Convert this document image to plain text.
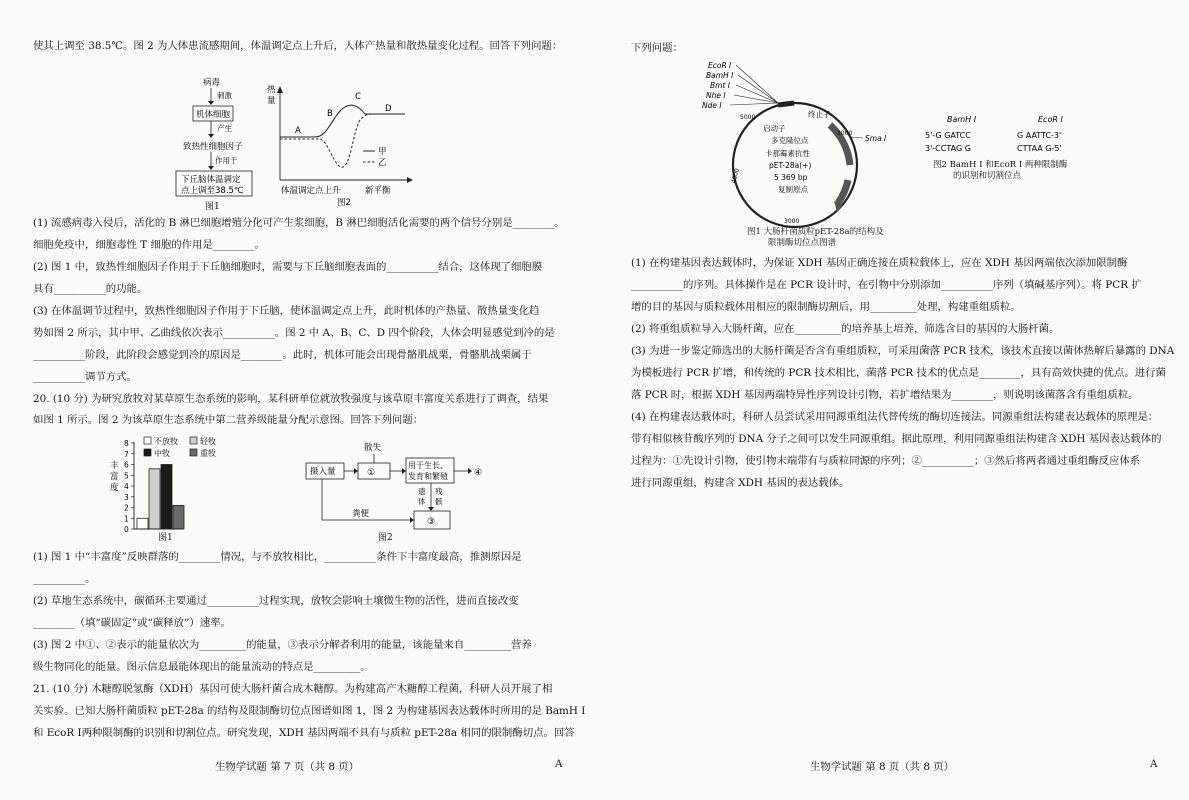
使其上调至 38.5℃。图 2 为人体患流感期间，体温调定点上升后，人体产热量和散热量变化过程。回答下列问题：
病毒
刺激
机体细胞
产生
致热性细胞因子
作用于
下丘脑体温调定
点上调至38.5℃
图1
热
量
A
B
C
D
甲
乙
体温调定点上升	新平衡
图2
(1) 流感病毒入侵后，活化的 B 淋巴细胞增殖分化可产生浆细胞，B 淋巴细胞活化需要的两个信号分别是________。
细胞免疫中，细胞毒性 T 细胞的作用是________。
(2) 图 1 中，致热性细胞因子作用于下丘脑细胞时，需要与下丘脑细胞表面的__________结合，这体现了细胞膜
具有__________的功能。
(3) 在体温调节过程中，致热性细胞因子作用于下丘脑，使体温调定点上升，此时机体的产热量、散热量变化趋
势如图 2 所示，其中甲、乙曲线依次表示__________。图 2 中 A、B、C、D 四个阶段，人体会明显感觉到冷的是
__________阶段，此阶段会感觉到冷的原因是________。此时，机体可能会出现骨骼肌战栗，骨骼肌战栗属于
__________调节方式。
20. (10 分) 为研究放牧对某草原生态系统的影响，某科研单位就放牧强度与该草原丰富度关系进行了调查，结果
如图 1 所示。图 2 为该草原生态系统中第二营养级能量分配示意图。回答下列问题：
丰
富
度
0
1
2
3
4
5
6
7
8	不放牧	轻牧
中牧	重牧
图1
摄入量	①
散失
用于生长、
发育和繁殖	④
遗
体
残
骸
③
粪便
图2
(1) 图 1 中“丰富度”反映群落的________情况，与不放牧相比，__________条件下丰富度最高，推测原因是
__________。
(2) 草地生态系统中，碳循环主要通过__________过程实现，放牧会影响土壤微生物的活性，进而直接改变
________（填“碳固定”或“碳释放”）速率。
(3) 图 2 中①、②表示的能量依次为_________的能量，③表示分解者利用的能量，该能量来自_________营养
级生物同化的能量。图示信息最能体现出的能量流动的特点是_________。
21. (10 分) 木糖醇脱氢酶（XDH）基因可使大肠杆菌合成木糖醇。为构建高产木糖醇工程菌，科研人员开展了相
关实验。已知大肠杆菌质粒 pET-28a 的结构及限制酶切位点图谱如图 1，图 2 为构建基因表达载体时所用的是 BamH I
和 EcoR I两种限制酶的识别和切割位点。研究发现，XDH 基因两端不具有与质粒 pET-28a 相同的限制酶切点。回答
生物学试题 第 7 页（共 8 页）	A
下列问题：
EcoR I
BamH I
Bmt I
Nhe I
Nde I
终止子
启动子
多克隆位点
卡那霉素抗性
pET-28a(+)
5 369 bp
复制原点
Sma I
5000
1000
4000
3000
图1 大肠杆菌质粒pET-28a的结构及
限制酶切位点图谱
BamH I
5'-G GATCC
3'-CCTAG G
EcoR I
G AATTC-3'
CTTAA G-5'
图2 BamH I 和EcoR I 两种限制酶
的识别和切割位点
(1) 在构建基因表达载体时，为保证 XDH 基因正确连接在质粒载体上，应在 XDH 基因两端依次添加限制酶
__________的序列。具体操作是在 PCR 设计时，在引物中分别添加__________序列（填碱基序列）。将 PCR 扩
增的目的基因与质粒载体用相应的限制酶切割后，用_________处理，构建重组质粒。
(2) 将重组质粒导入大肠杆菌，应在_________的培养基上培养，筛选含目的基因的大肠杆菌。
(3) 为进一步鉴定筛选出的大肠杆菌是否含有重组质粒，可采用菌落 PCR 技术，该技术直接以菌体热解后暴露的 DNA
为模板进行 PCR 扩增，和传统的 PCR 技术相比，菌落 PCR 技术的优点是________，具有高效快捷的优点。进行菌
落 PCR 时，根据 XDH 基因两端特异性序列设计引物，若扩增结果为________，则说明该菌落含有重组质粒。
(4) 在构建表达载体时，科研人员尝试采用同源重组法代替传统的酶切连接法。同源重组法构建表达载体的原理是：
带有相似核苷酸序列的 DNA 分子之间可以发生同源重组。据此原理，利用同源重组法构建含 XDH 基因表达载体的
过程为：①先设计引物，使引物末端带有与质粒同源的序列；②__________；③然后将两者通过重组酶反应体系
进行同源重组，构建含 XDH 基因的表达载体。
生物学试题 第 8 页（共 8 页）	A
